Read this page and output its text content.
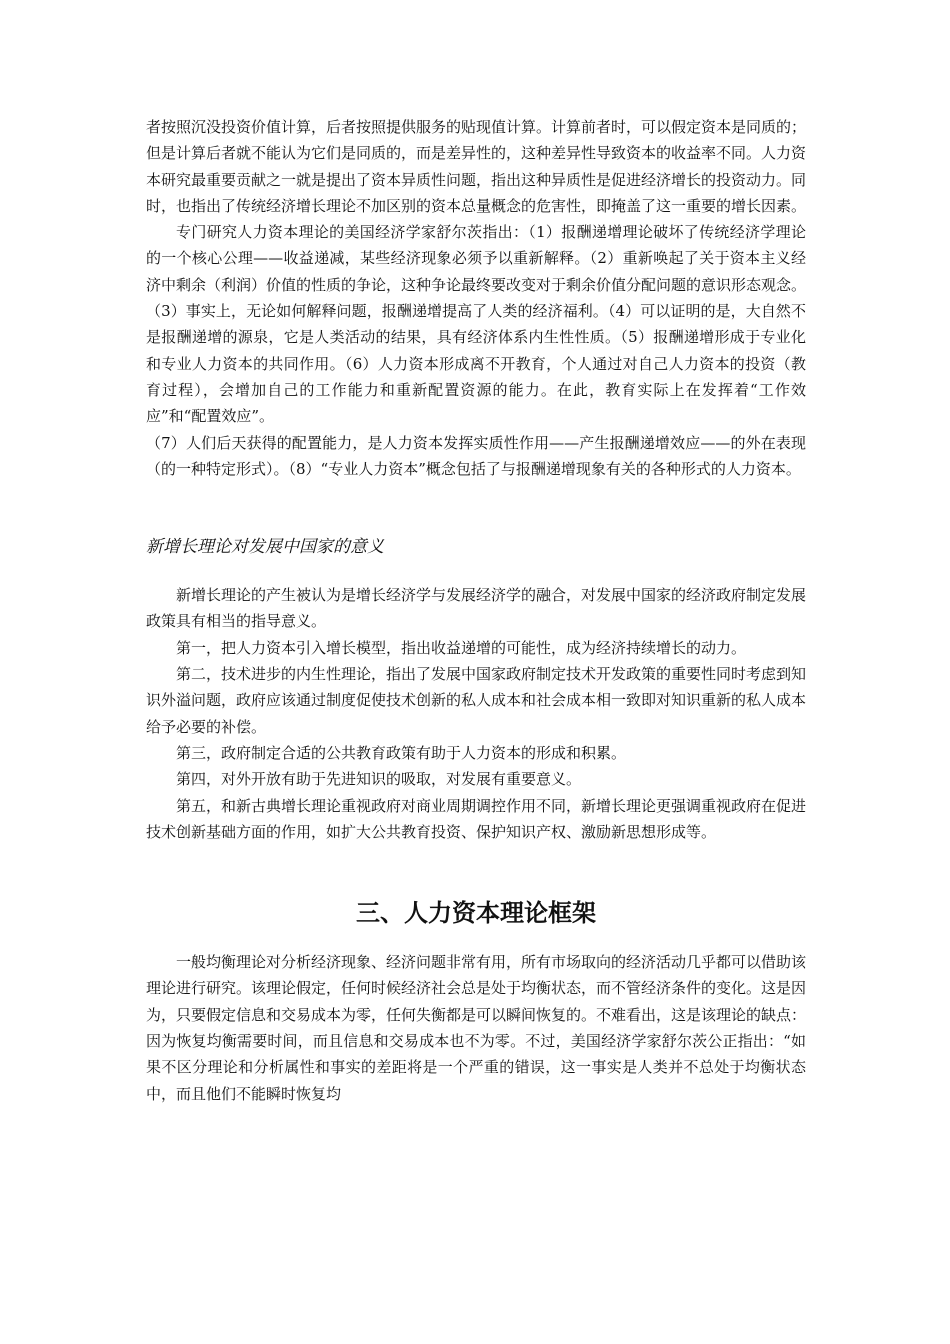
者按照沉没投资价值计算，后者按照提供服务的贴现值计算。计算前者时，可以假定资本是同质的；但是计算后者就不能认为它们是同质的，而是差异性的，这种差异性导致资本的收益率不同。人力资本研究最重要贡献之一就是提出了资本异质性问题，指出这种异质性是促进经济增长的投资动力。同时，也指出了传统经济增长理论不加区别的资本总量概念的危害性，即掩盖了这一重要的增长因素。

专门研究人力资本理论的美国经济学家舒尔茨指出：（1）报酬递增理论破坏了传统经济学理论的一个核心公理——收益递减，某些经济现象必须予以重新解释。（2）重新唤起了关于资本主义经济中剩余（利润）价值的性质的争论，这种争论最终要改变对于剩余价值分配问题的意识形态观念。（3）事实上，无论如何解释问题，报酬递增提高了人类的经济福利。（4）可以证明的是，大自然不是报酬递增的源泉，它是人类活动的结果，具有经济体系内生性性质。（5）报酬递增形成于专业化和专业人力资本的共同作用。（6）人力资本形成离不开教育，个人通过对自己人力资本的投资（教育过程），会增加自己的工作能力和重新配置资源的能力。在此，教育实际上在发挥着“工作效应”和“配置效应”。

（7）人们后天获得的配置能力，是人力资本发挥实质性作用——产生报酬递增效应——的外在表现（的一种特定形式）。（8）“专业人力资本”概念包括了与报酬递增现象有关的各种形式的人力资本。

新增长理论对发展中国家的意义

新增长理论的产生被认为是增长经济学与发展经济学的融合，对发展中国家的经济政府制定发展政策具有相当的指导意义。

第一，把人力资本引入增长模型，指出收益递增的可能性，成为经济持续增长的动力。

第二，技术进步的内生性理论，指出了发展中国家政府制定技术开发政策的重要性同时考虑到知识外溢问题，政府应该通过制度促使技术创新的私人成本和社会成本相一致即对知识重新的私人成本给予必要的补偿。

第三，政府制定合适的公共教育政策有助于人力资本的形成和积累。

第四，对外开放有助于先进知识的吸取，对发展有重要意义。

第五，和新古典增长理论重视政府对商业周期调控作用不同，新增长理论更强调重视政府在促进技术创新基础方面的作用，如扩大公共教育投资、保护知识产权、激励新思想形成等。

三、人力资本理论框架

一般均衡理论对分析经济现象、经济问题非常有用，所有市场取向的经济活动几乎都可以借助该理论进行研究。该理论假定，任何时候经济社会总是处于均衡状态，而不管经济条件的变化。这是因为，只要假定信息和交易成本为零，任何失衡都是可以瞬间恢复的。不难看出，这是该理论的缺点：因为恢复均衡需要时间，而且信息和交易成本也不为零。不过，美国经济学家舒尔茨公正指出：“如果不区分理论和分析属性和事实的差距将是一个严重的错误，这一事实是人类并不总处于均衡状态中，而且他们不能瞬时恢复均
